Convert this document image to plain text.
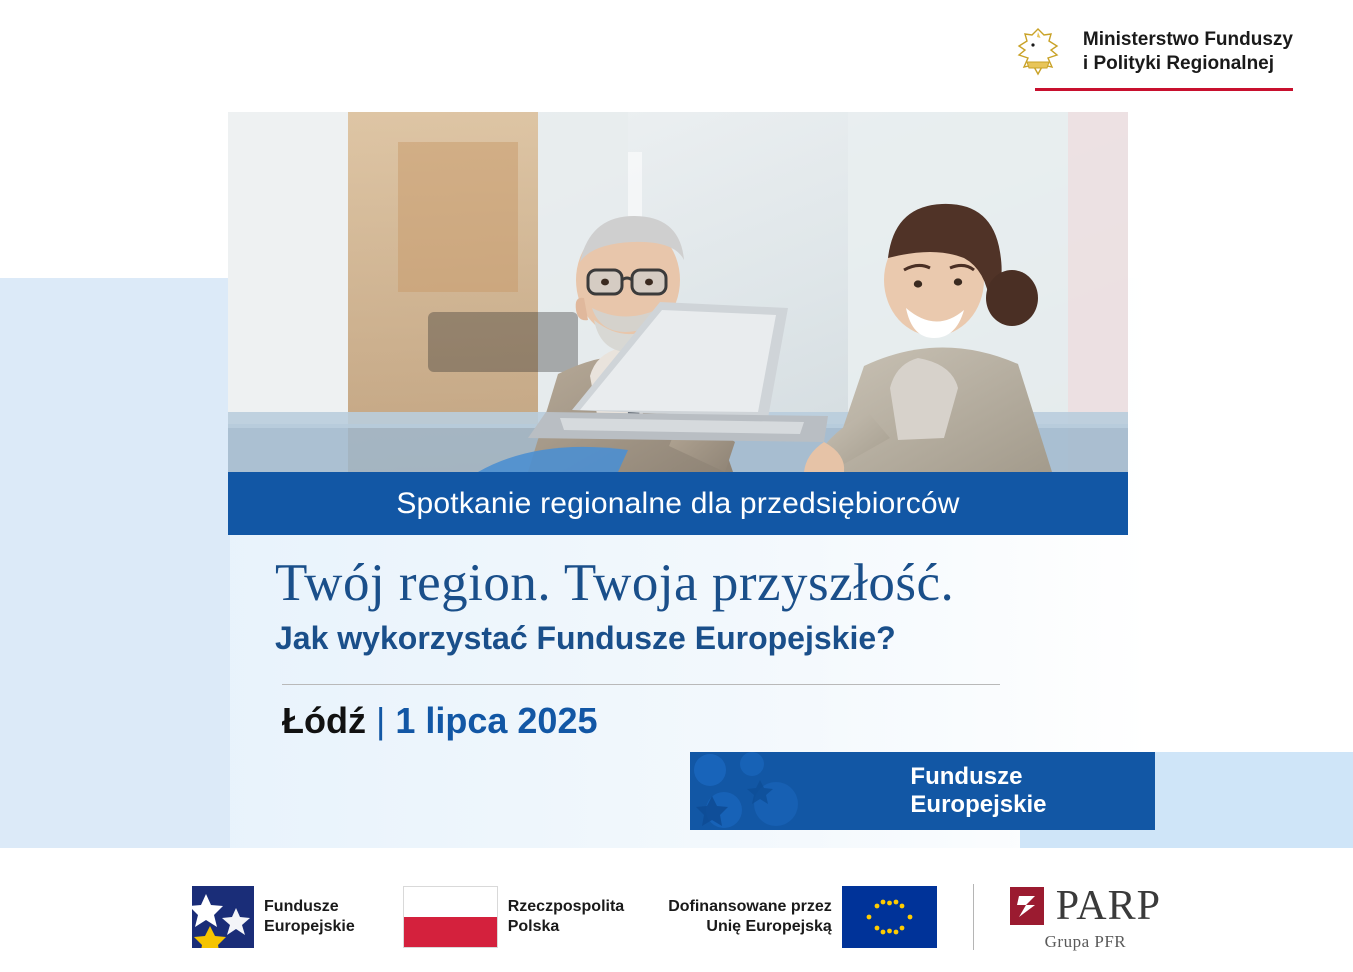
Ministerstwo Funduszy
i Polityki Regionalnej
Spotkanie regionalne dla przedsiębiorców
Twój region. Twoja przyszłość.
Jak wykorzystać Fundusze Europejskie?
Łódź | 1 lipca 2025
Fundusze Europejskie
Fundusze
Europejskie
Rzeczpospolita
Polska
Dofinansowane przez
Unię Europejską	PARP
Grupa PFR
